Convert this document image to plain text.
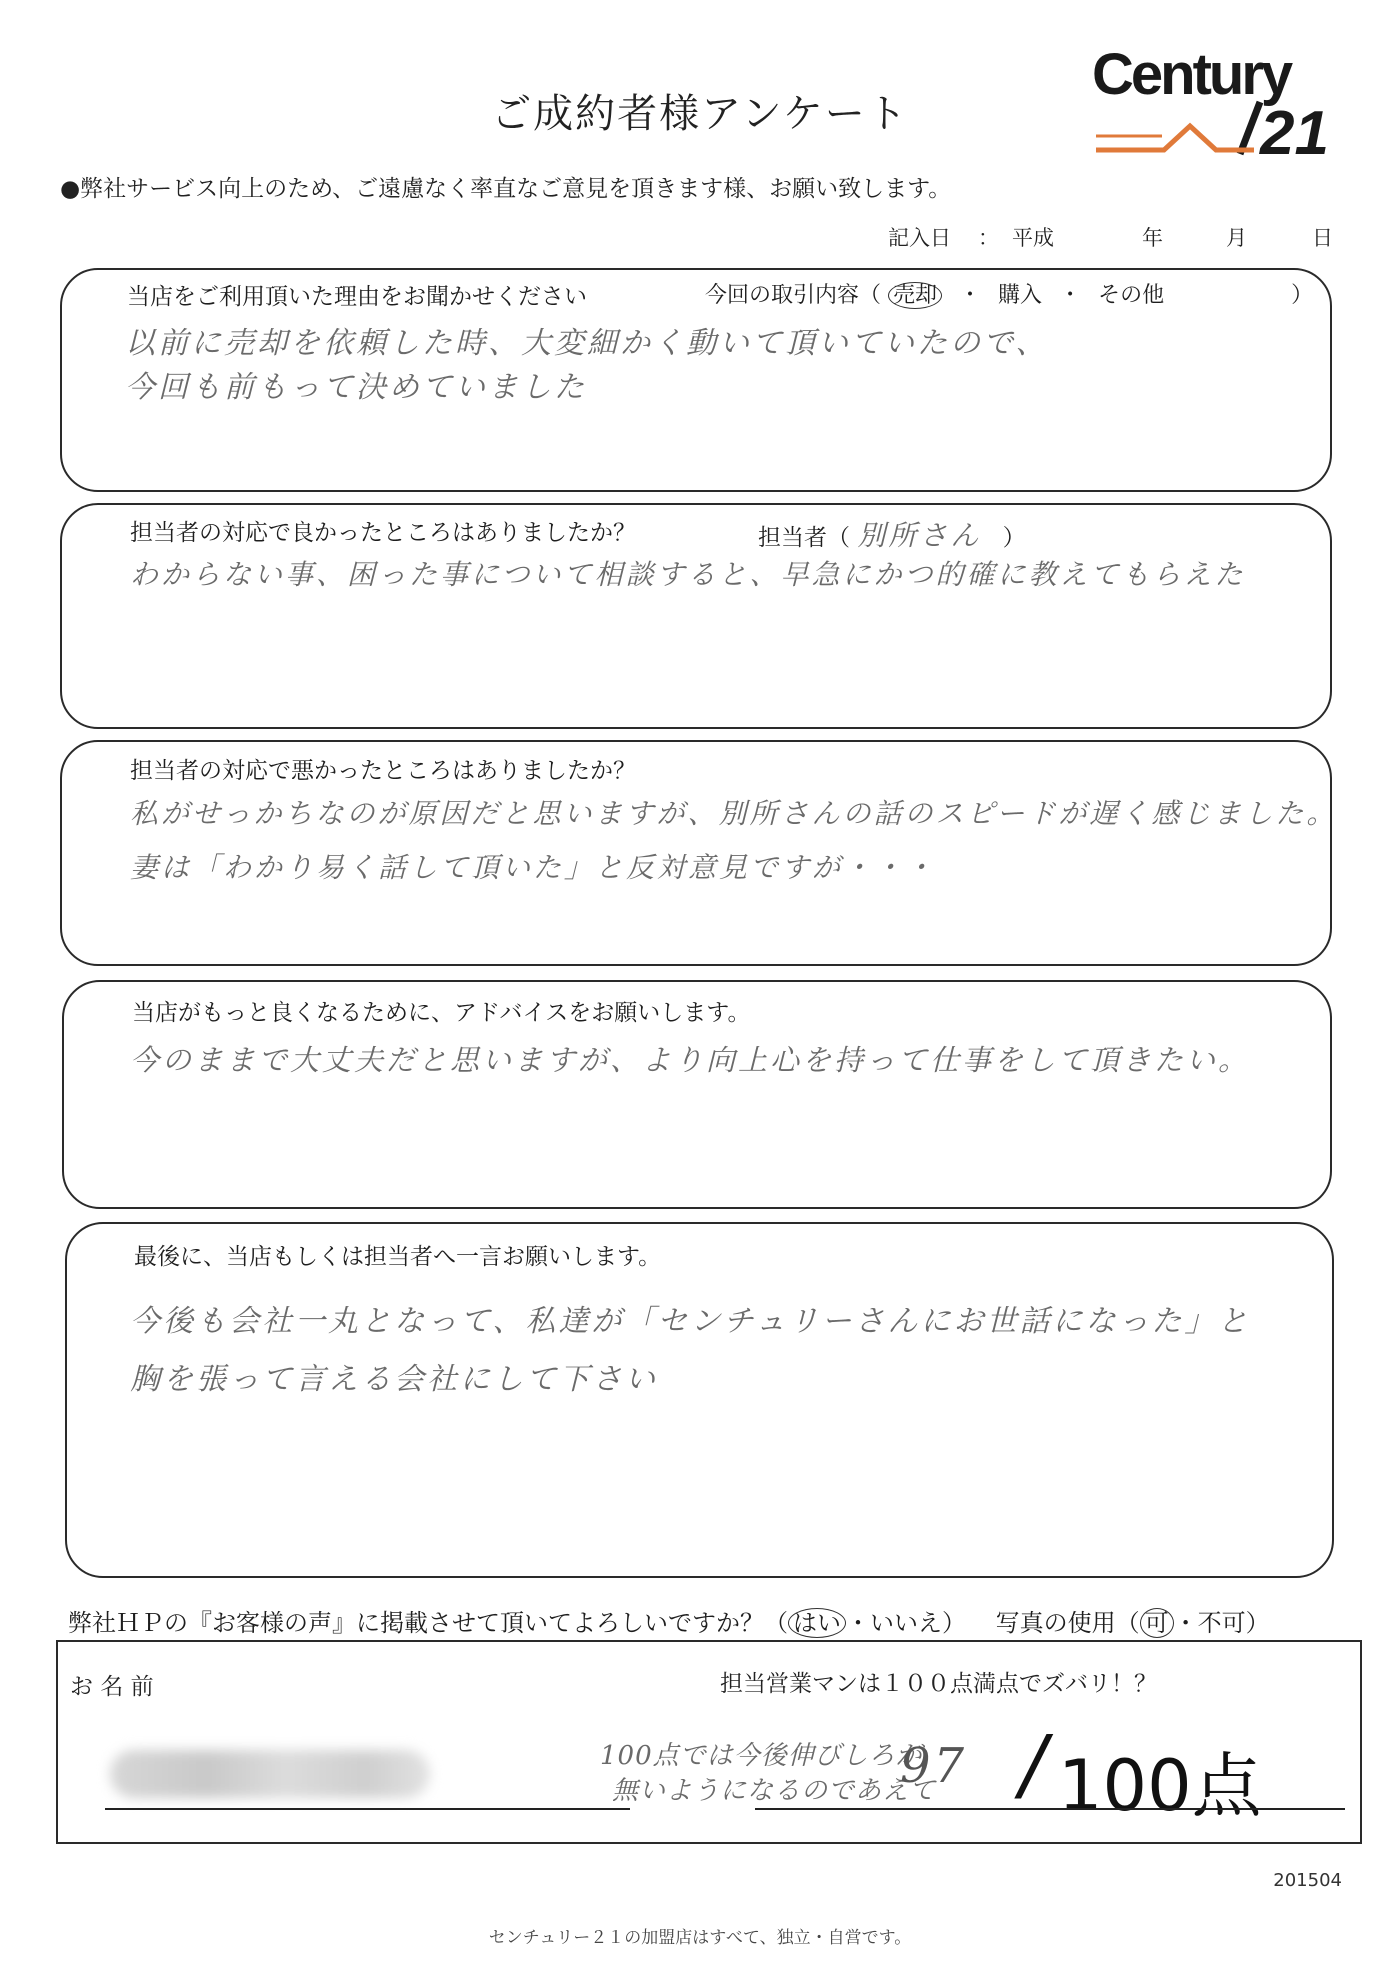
ご成約者様アンケート
Century
21
●弊社サービス向上のため、ご遠慮なく率直なご意見を頂きます様、お願い致します。
記入日 ： 平成	年	月	日
当店をご利用頂いた理由をお聞かせください	今回の取引内容（ 売却 ・ 購入 ・ その他	）
以前に売却を依頼した時、大変細かく動いて頂いていたので、
今回も前もって決めていました
担当者の対応で良かったところはありましたか？	担当者（ 別所さん ）
わからない事、困った事について相談すると、早急にかつ的確に教えてもらえた
担当者の対応で悪かったところはありましたか？
私がせっかちなのが原因だと思いますが、別所さんの話のスピードが遅く感じました。
妻は「わかり易く話して頂いた」と反対意見ですが・・・
当店がもっと良くなるために、アドバイスをお願いします。
今のままで大丈夫だと思いますが、より向上心を持って仕事をして頂きたい。
最後に、当店もしくは担当者へ一言お願いします。
今後も会社一丸となって、私達が「センチュリーさんにお世話になった」と
胸を張って言える会社にして下さい
弊社ＨＰの『お客様の声』に掲載させて頂いてよろしいですか？（ はい ・いいえ） 写真の使用（ 可 ・不可）
お 名 前	担当営業マンは１００点満点でズバリ！？
100点では今後伸びしろが
無いようになるのであえて
97 / 100点
201504
センチュリー２１の加盟店はすべて、独立・自営です。
